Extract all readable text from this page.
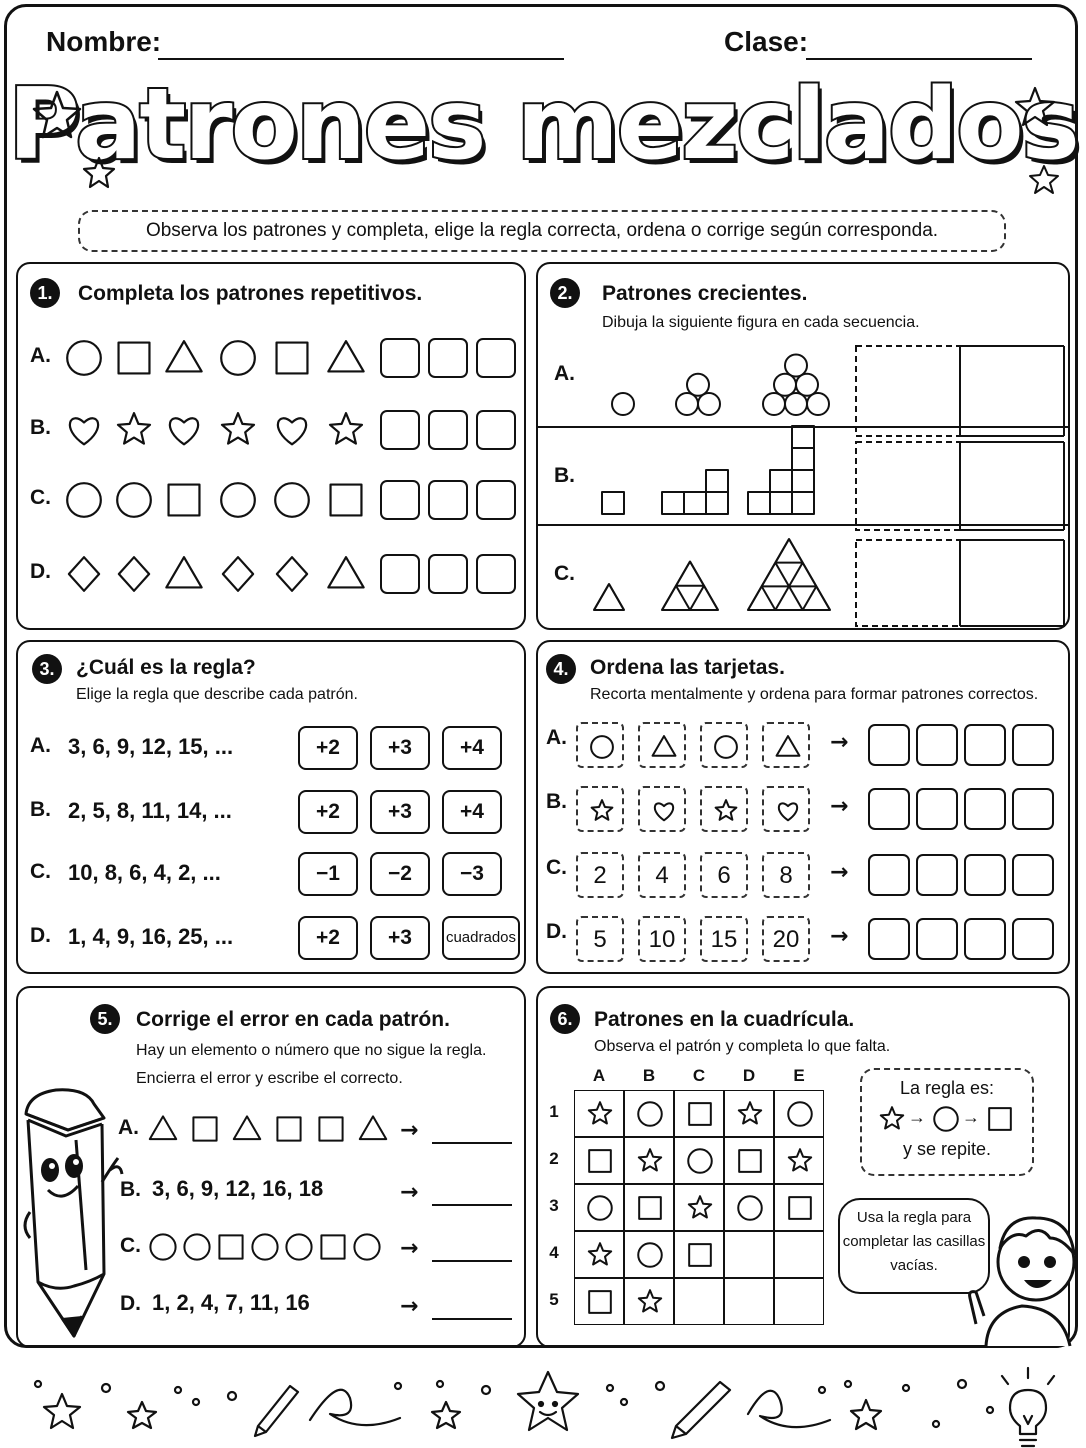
Nombre:	Clase:
Patrones mezclados
Observa los patrones y completa, elige la regla correcta, ordena o corrige según corresponda.
1.	Completa los patrones repetitivos.
A.
B.
C.
D.
2.	Patrones crecientes.
Dibuja la siguiente figura en cada secuencia.
A.
B.
C.
3.	¿Cuál es la regla?
Elige la regla que describe cada patrón.
A. 3, 6, 9, 12, 15, ...	+2	+3	+4
B. 2, 5, 8, 11, 14, ...	+2	+3	+4
C. 10, 8, 6, 4, 2, ...	−1	−2	−3
D. 1, 4, 9, 16, 25, ...	+2	+3	cuadrados
4.	Ordena las tarjetas.
Recorta mentalmente y ordena para formar patrones correctos.
A.	→
B.	→
C.	2	4	6	8	→
D.	5	10	15	20	→
5.	Corrige el error en cada patrón.
Hay un elemento o número que no sigue la regla.
Encierra el error y escribe el correcto.
A.	→
B. 3, 6, 9, 12, 16, 18	→
C.	→
D. 1, 2, 4, 7, 11, 16	→
6.	Patrones en la cuadrícula.
Observa el patrón y completa lo que falta.
A	B	C	D	E
1
2
3
4
5
La regla es:
→ →
y se repite.
Usa la regla para
completar las casillas
vacías.
